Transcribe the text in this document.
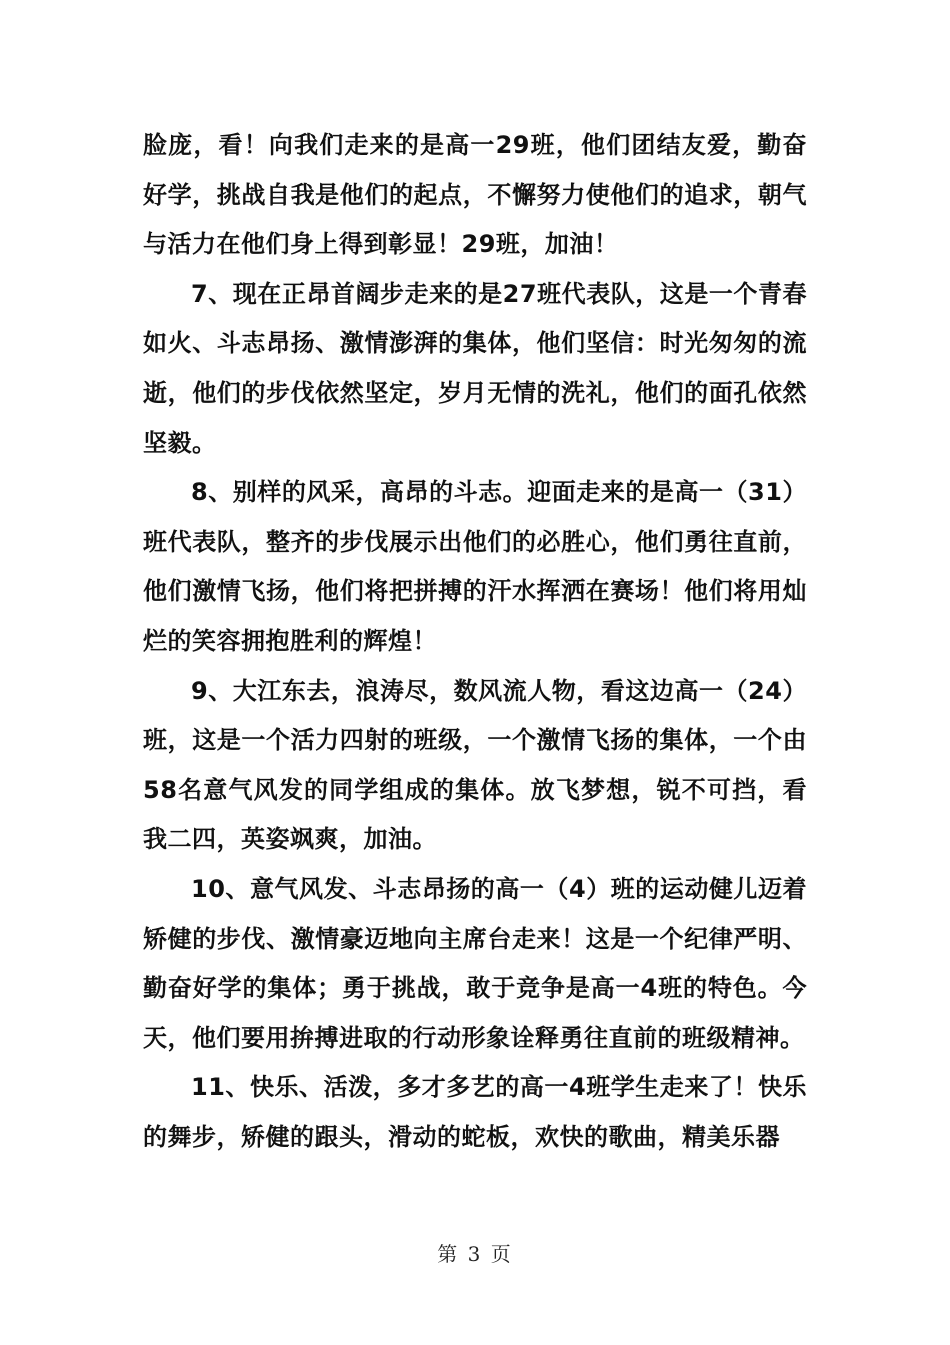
脸庞，看！向我们走来的是高一29班，他们团结友爱，勤奋好学，挑战自我是他们的起点，不懈努力使他们的追求，朝气与活力在他们身上得到彰显！29班，加油！

7、现在正昂首阔步走来的是27班代表队，这是一个青春如火、斗志昂扬、激情澎湃的集体，他们坚信：时光匆匆的流逝，他们的步伐依然坚定，岁月无情的洗礼，他们的面孔依然坚毅。

8、别样的风采，高昂的斗志。迎面走来的是高一（31）班代表队，整齐的步伐展示出他们的必胜心，他们勇往直前，他们激情飞扬，他们将把拼搏的汗水挥洒在赛场！他们将用灿烂的笑容拥抱胜利的辉煌！

9、大江东去，浪涛尽，数风流人物，看这边高一（24）班，这是一个活力四射的班级，一个激情飞扬的集体，一个由58名意气风发的同学组成的集体。放飞梦想，锐不可挡，看我二四，英姿飒爽，加油。

10、意气风发、斗志昂扬的高一（4）班的运动健儿迈着矫健的步伐、激情豪迈地向主席台走来！这是一个纪律严明、勤奋好学的集体；勇于挑战，敢于竞争是高一4班的特色。今天，他们要用拚搏进取的行动形象诠释勇往直前的班级精神。

11、快乐、活泼，多才多艺的高一4班学生走来了！快乐的舞步，矫健的跟头，滑动的蛇板，欢快的歌曲，精美乐器

第 3 页
